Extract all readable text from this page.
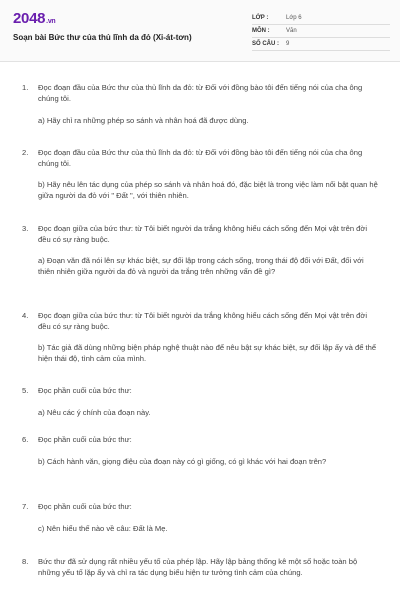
2048.vn
Soạn bài Bức thư của thủ lĩnh da đỏ (Xi-át-tơn)
LỚP :	Lớp 6
MÔN :	Văn
SỐ CÂU :	9
1. Đọc đoạn đầu của Bức thư của thủ lĩnh da đỏ: từ Đối với đồng bào tôi đến tiếng nói của cha ông chúng tôi.
a) Hãy chỉ ra những phép so sánh và nhân hoá đã được dùng.
2. Đọc đoạn đầu của Bức thư của thủ lĩnh da đỏ: từ Đối với đồng bào tôi đến tiếng nói của cha ông chúng tôi.
b) Hãy nêu lên tác dụng của phép so sánh và nhân hoá đó, đặc biệt là trong việc làm nổi bật quan hệ giữa người da đỏ với " Đất ", với thiên nhiên.
3. Đọc đoạn giữa của bức thư: từ Tôi biết người da trắng không hiểu cách sống đến Mọi vật trên đời đều có sự ràng buộc.
a) Đoạn văn đã nói lên sự khác biệt, sự đối lập trong cách sống, trong thái độ đối với Đất, đối với thiên nhiên giữa người da đỏ và người da trắng trên những vấn đề gì?
4. Đọc đoạn giữa của bức thư: từ Tôi biết người da trắng không hiểu cách sống đến Mọi vật trên đời đều có sự ràng buộc.
b) Tác giả đã dùng những biện pháp nghệ thuật nào để nêu bật sự khác biệt, sự đối lập ấy và để thể hiện thái độ, tình cảm của mình.
5. Đọc phần cuối của bức thư:
a) Nêu các ý chính của đoạn này.
6. Đọc phần cuối của bức thư:
b) Cách hành văn, giọng điệu của đoạn này có gì giống, có gì khác với hai đoạn trên?
7. Đọc phần cuối của bức thư:
c) Nên hiểu thế nào về câu: Đất là Mẹ.
8. Bức thư đã sử dụng rất nhiều yếu tố của phép lập. Hãy lập bảng thống kê một số hoặc toàn bộ những yếu tố lặp ấy và chỉ ra tác dụng biểu hiện tư tưởng tình cảm của chúng.
